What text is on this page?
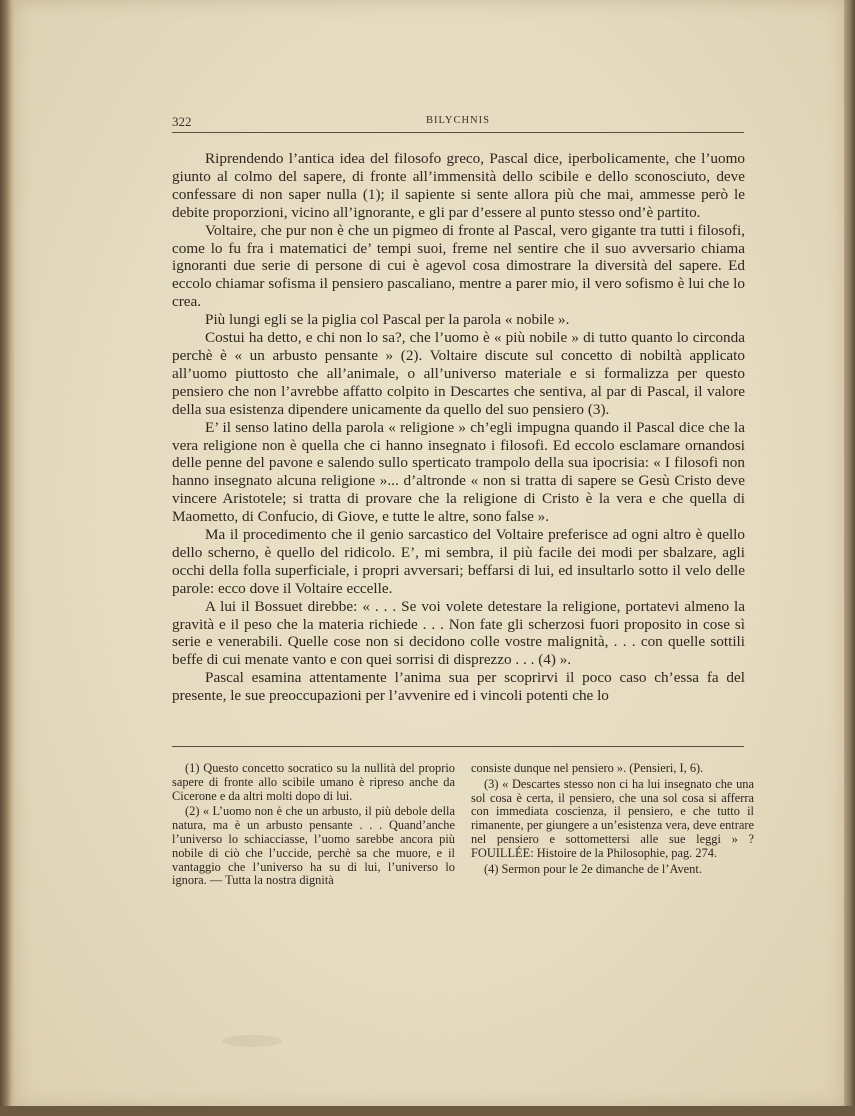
322	BILYCHNIS

Riprendendo l’antica idea del filosofo greco, Pascal dice, iperbolicamente, che l’uomo giunto al colmo del sapere, di fronte all’immensità dello scibile e dello sconosciuto, deve confessare di non saper nulla (1); il sapiente si sente allora più che mai, ammesse però le debite proporzioni, vicino all’ignorante, e gli par d’essere al punto stesso ond’è partito.

Voltaire, che pur non è che un pigmeo di fronte al Pascal, vero gigante tra tutti i filosofi, come lo fu fra i matematici de’ tempi suoi, freme nel sentire che il suo avversario chiama ignoranti due serie di persone di cui è agevol cosa dimostrare la diversità del sapere. Ed eccolo chiamar sofisma il pensiero pascaliano, mentre a parer mio, il vero sofismo è lui che lo crea.

Più lungi egli se la piglia col Pascal per la parola « nobile ».

Costui ha detto, e chi non lo sa?, che l’uomo è « più nobile » di tutto quanto lo circonda perchè è « un arbusto pensante » (2). Voltaire discute sul concetto di nobiltà applicato all’uomo piuttosto che all’animale, o all’universo materiale e si formalizza per questo pensiero che non l’avrebbe affatto colpito in Descartes che sentiva, al par di Pascal, il valore della sua esistenza dipendere unicamente da quello del suo pensiero (3).

E’ il senso latino della parola « religione » ch’egli impugna quando il Pascal dice che la vera religione non è quella che ci hanno insegnato i filosofi. Ed eccolo esclamare ornandosi delle penne del pavone e salendo sullo sperticato trampolo della sua ipocrisia: « I filosofi non hanno insegnato alcuna religione »... d’altronde « non si tratta di sapere se Gesù Cristo deve vincere Aristotele; si tratta di provare che la religione di Cristo è la vera e che quella di Maometto, di Confucio, di Giove, e tutte le altre, sono false ».

Ma il procedimento che il genio sarcastico del Voltaire preferisce ad ogni altro è quello dello scherno, è quello del ridicolo. E’, mi sembra, il più facile dei modi per sbalzare, agli occhi della folla superficiale, i propri avversari; beffarsi di lui, ed insultarlo sotto il velo delle parole: ecco dove il Voltaire eccelle.

A lui il Bossuet direbbe: « . . . Se voi volete detestare la religione, portatevi almeno la gravità e il peso che la materia richiede . . . Non fate gli scherzosi fuori proposito in cose sì serie e venerabili. Quelle cose non si decidono colle vostre malignità, . . . con quelle sottili beffe di cui menate vanto e con quei sorrisi di disprezzo . . . (4) ».

Pascal esamina attentamente l’anima sua per scoprirvi il poco caso ch’essa fa del presente, le sue preoccupazioni per l’avvenire ed i vincoli potenti che lo

(1) Questo concetto socratico su la nullità del proprio sapere di fronte allo scibile umano è ripreso anche da Cicerone e da altri molti dopo di lui.

(2) « L’uomo non è che un arbusto, il più debole della natura, ma è un arbusto pensante . . . Quand’anche l’universo lo schiacciasse, l’uomo sarebbe ancora più nobile di ciò che l’uccide, perchè sa che muore, e il vantaggio che l’universo ha su di lui, l’universo lo ignora. — Tutta la nostra dignità

consiste dunque nel pensiero ». (Pensieri, I, 6).

(3) « Descartes stesso non ci ha lui insegnato che una sol cosa è certa, il pensiero, che una sol cosa si afferra con immediata coscienza, il pensiero, e che tutto il rimanente, per giungere a un’esistenza vera, deve entrare nel pensiero e sottomettersi alle sue leggi » ? FOUILLÉE: Histoire de la Philosophie, pag. 274.

(4) Sermon pour le 2e dimanche de l’Avent.
